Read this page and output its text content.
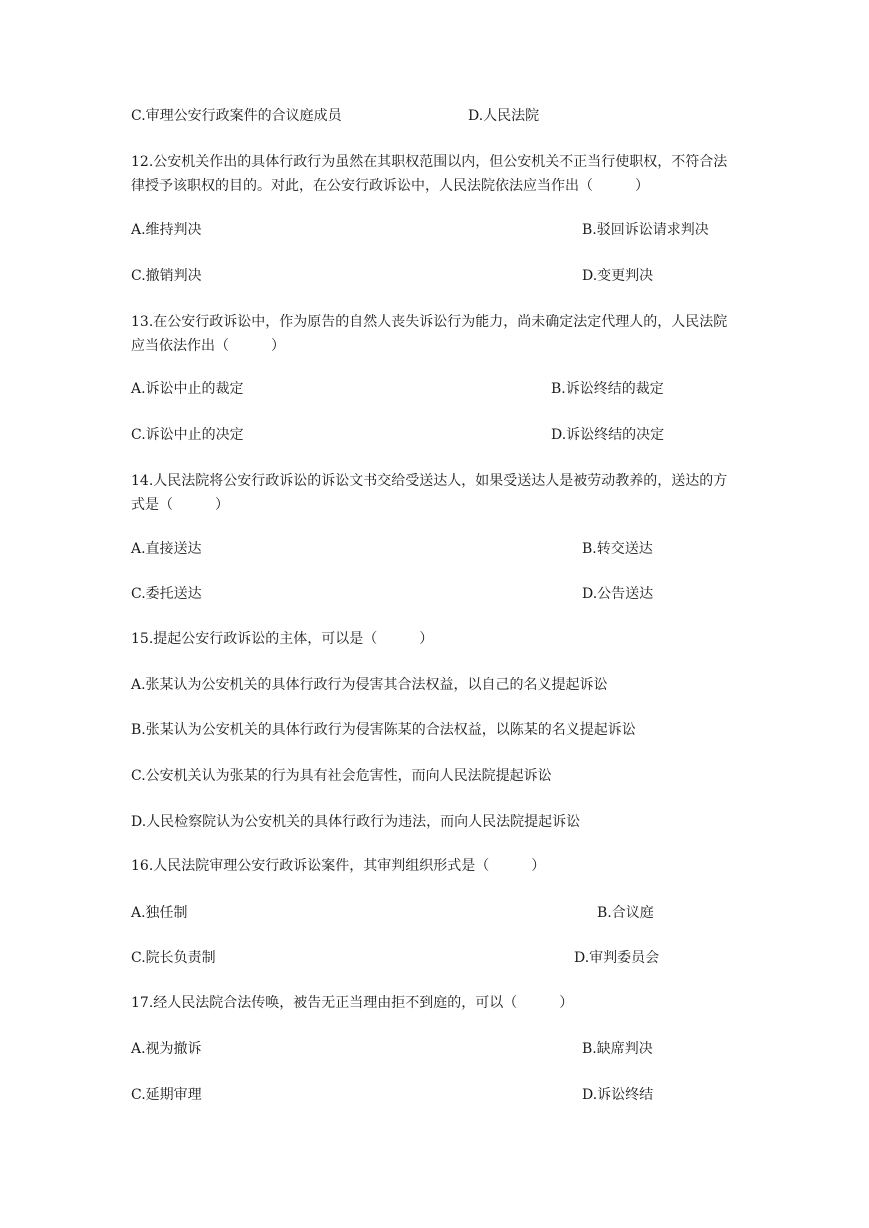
C.审理公安行政案件的合议庭成员	D.人民法院
12.公安机关作出的具体行政行为虽然在其职权范围以内，但公安机关不正当行使职权，不符合法律授予该职权的目的。对此，在公安行政诉讼中，人民法院依法应当作出（　　　）
A.维持判决	B.驳回诉讼请求判决
C.撤销判决	D.变更判决
13.在公安行政诉讼中，作为原告的自然人丧失诉讼行为能力，尚未确定法定代理人的，人民法院应当依法作出（　　　）
A.诉讼中止的裁定	B.诉讼终结的裁定
C.诉讼中止的决定	D.诉讼终结的决定
14.人民法院将公安行政诉讼的诉讼文书交给受送达人，如果受送达人是被劳动教养的，送达的方式是（　　　）
A.直接送达	B.转交送达
C.委托送达	D.公告送达
15.提起公安行政诉讼的主体，可以是（　　　）
A.张某认为公安机关的具体行政行为侵害其合法权益，以自己的名义提起诉讼
B.张某认为公安机关的具体行政行为侵害陈某的合法权益，以陈某的名义提起诉讼
C.公安机关认为张某的行为具有社会危害性，而向人民法院提起诉讼
D.人民检察院认为公安机关的具体行政行为违法，而向人民法院提起诉讼
16.人民法院审理公安行政诉讼案件，其审判组织形式是（　　　）
A.独任制	B.合议庭
C.院长负责制	D.审判委员会
17.经人民法院合法传唤，被告无正当理由拒不到庭的，可以（　　　）
A.视为撤诉	B.缺席判决
C.延期审理	D.诉讼终结
